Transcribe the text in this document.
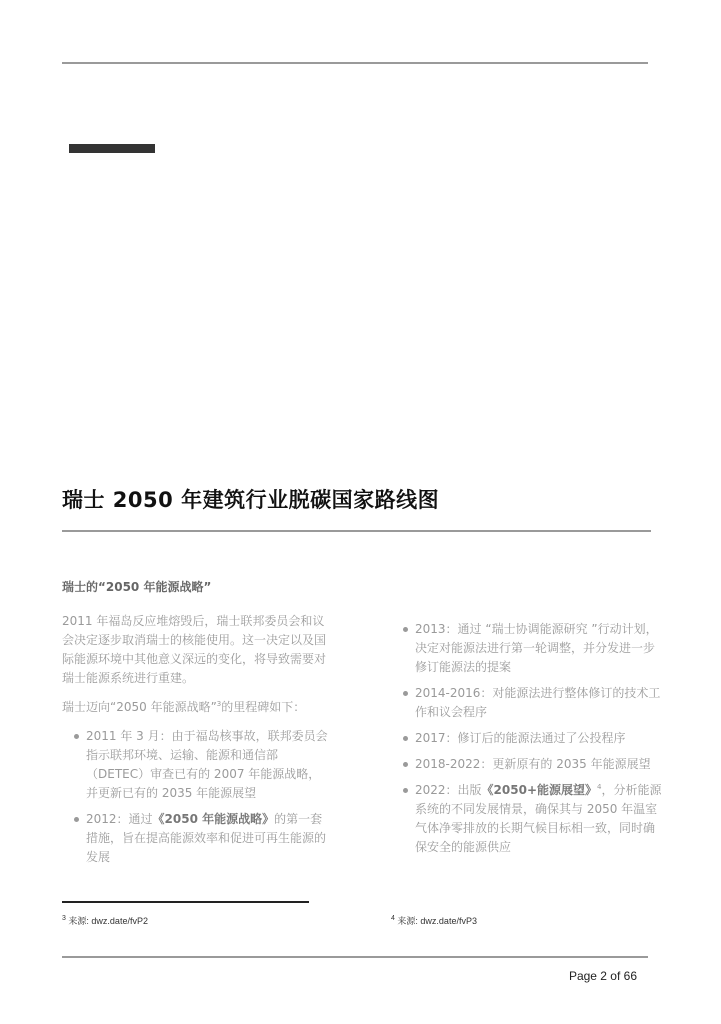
瑞士 2050 年建筑行业脱碳国家路线图
瑞士的“2050 年能源战略”

2011 年福岛反应堆熔毁后，瑞士联邦委员会和议会决定逐步取消瑞士的核能使用。这一决定以及国际能源环境中其他意义深远的变化，将导致需要对瑞士能源系统进行重建。

瑞士迈向“2050 年能源战略”$^3$的里程碑如下：

2011 年 3 月：由于福岛核事故，联邦委员会指示联邦环境、运输、能源和通信部（DETEC）审查已有的 2007 年能源战略，并更新已有的 2035 年能源展望
2012：通过《2050 年能源战略》的第一套措施，旨在提高能源效率和促进可再生能源的发展
2013：通过 “瑞士协调能源研究 ”行动计划，决定对能源法进行第一轮调整，并分发进一步修订能源法的提案
2014-2016：对能源法进行整体修订的技术工作和议会程序
2017：修订后的能源法通过了公投程序
2018-2022：更新原有的 2035 年能源展望
2022：出版《2050+能源展望》$^4$，分析能源系统的不同发展情景，确保其与 2050 年温室气体净零排放的长期气候目标相一致，同时确保安全的能源供应
$^3$ 来源: dwz.date/fvP2	$^4$ 来源: dwz.date/fvP3
Page 2 of 66
